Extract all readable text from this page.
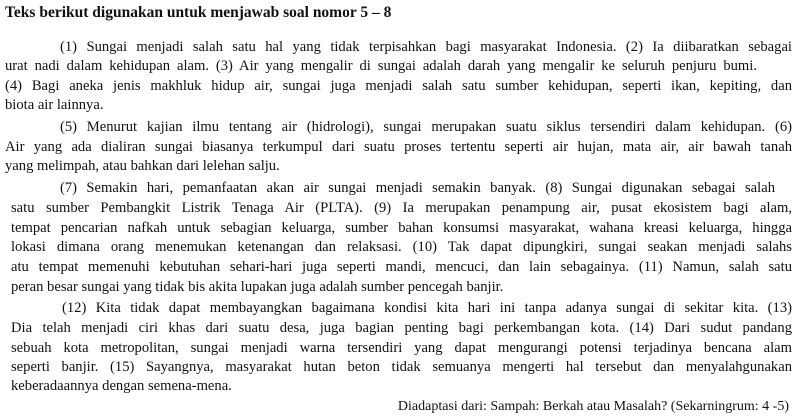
Teks berikut digunakan untuk menjawab soal nomor 5 – 8
(1) Sungai menjadi salah satu hal yang tidak terpisahkan bagi masyarakat Indonesia. (2) Ia diibaratkan sebagai
urat nadi dalam kehidupan alam. (3) Air yang mengalir di sungai adalah darah yang mengalir ke seluruh penjuru bumi.
(4) Bagi aneka jenis makhluk hidup air, sungai juga menjadi salah satu sumber kehidupan, seperti ikan, kepiting, dan
biota air lainnya.
(5) Menurut kajian ilmu tentang air (hidrologi), sungai merupakan suatu siklus tersendiri dalam kehidupan. (6)
Air yang ada dialiran sungai biasanya terkumpul dari suatu proses tertentu seperti air hujan, mata air, air bawah tanah
yang melimpah, atau bahkan dari lelehan salju.
(7) Semakin hari, pemanfaatan akan air sungai menjadi semakin banyak. (8) Sungai digunakan sebagai salah
satu sumber Pembangkit Listrik Tenaga Air (PLTA). (9) Ia merupakan penampung air, pusat ekosistem bagi alam,
tempat pencarian nafkah untuk sebagian keluarga, sumber bahan konsumsi masyarakat, wahana kreasi keluarga, hingga
lokasi dimana orang menemukan ketenangan dan relaksasi. (10) Tak dapat dipungkiri, sungai seakan menjadi salahs
atu tempat memenuhi kebutuhan sehari-hari juga seperti mandi, mencuci, dan lain sebagainya. (11) Namun, salah satu
peran besar sungai yang tidak bis akita lupakan juga adalah sumber pencegah banjir.
(12) Kita tidak dapat membayangkan bagaimana kondisi kita hari ini tanpa adanya sungai di sekitar kita. (13)
Dia telah menjadi ciri khas dari suatu desa, juga bagian penting bagi perkembangan kota. (14) Dari sudut pandang
sebuah kota metropolitan, sungai menjadi warna tersendiri yang dapat mengurangi potensi terjadinya bencana alam
seperti banjir. (15) Sayangnya, masyarakat hutan beton tidak semuanya mengerti hal tersebut dan menyalahgunakan
keberadaannya dengan semena-mena.
Diadaptasi dari: Sampah: Berkah atau Masalah? (Sekarningrum: 4 -5)
